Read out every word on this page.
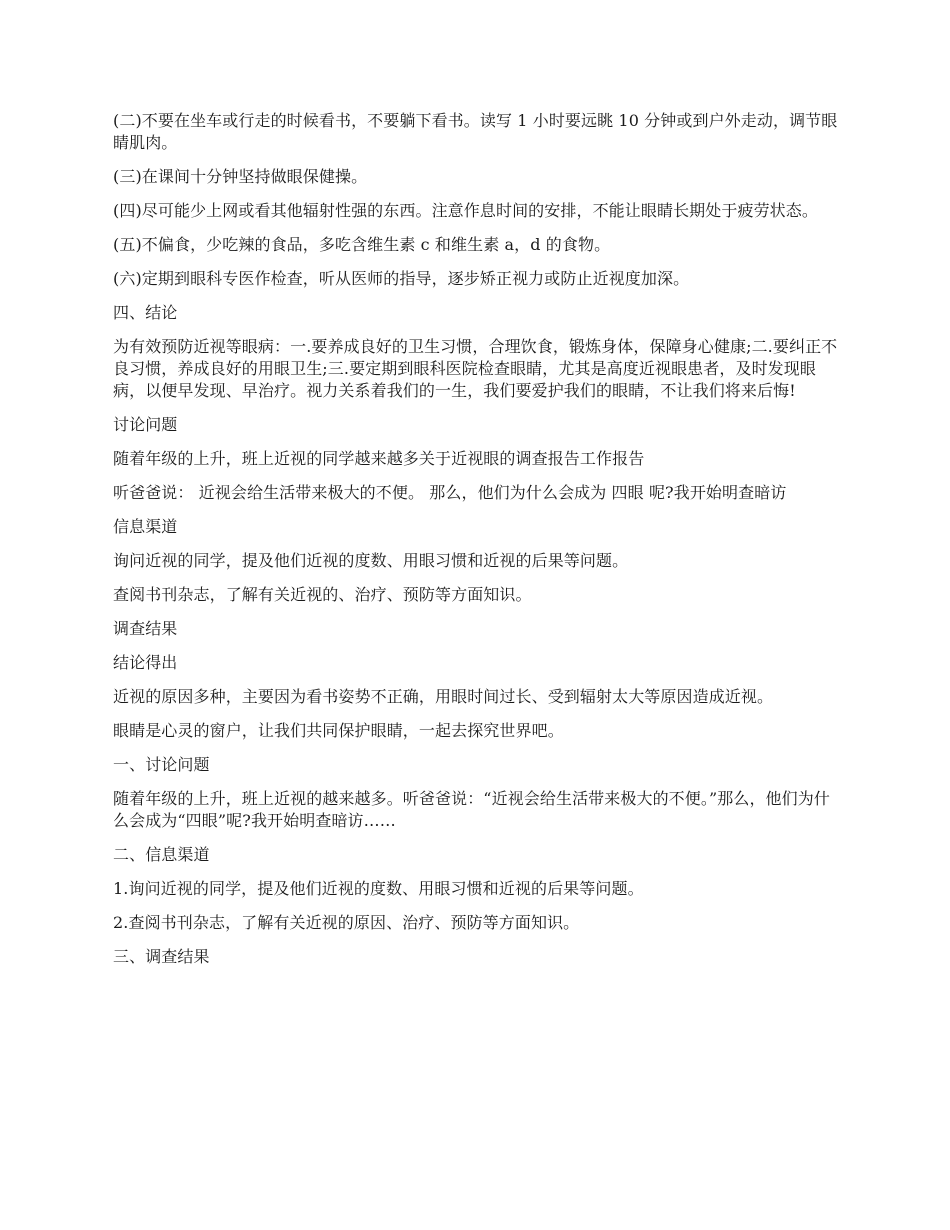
(二)不要在坐车或行走的时候看书，不要躺下看书。读写 1 小时要远眺 10 分钟或到户外走动，调节眼睛肌肉。

(三)在课间十分钟坚持做眼保健操。

(四)尽可能少上网或看其他辐射性强的东西。注意作息时间的安排，不能让眼睛长期处于疲劳状态。

(五)不偏食，少吃辣的食品，多吃含维生素 c 和维生素 a，d 的食物。

(六)定期到眼科专医作检查，听从医师的指导，逐步矫正视力或防止近视度加深。

四、结论

为有效预防近视等眼病：一.要养成良好的卫生习惯，合理饮食，锻炼身体，保障身心健康;二.要纠正不良习惯，养成良好的用眼卫生;三.要定期到眼科医院检查眼睛，尤其是高度近视眼患者，及时发现眼病，以便早发现、早治疗。视力关系着我们的一生，我们要爱护我们的眼睛，不让我们将来后悔!

讨论问题

随着年级的上升，班上近视的同学越来越多关于近视眼的调查报告工作报告

听爸爸说： 近视会给生活带来极大的不便。 那么，他们为什么会成为 四眼 呢?我开始明查暗访

信息渠道

询问近视的同学，提及他们近视的度数、用眼习惯和近视的后果等问题。

查阅书刊杂志，了解有关近视的、治疗、预防等方面知识。

调查结果

结论得出

近视的原因多种，主要因为看书姿势不正确，用眼时间过长、受到辐射太大等原因造成近视。

眼睛是心灵的窗户，让我们共同保护眼睛，一起去探究世界吧。

一、讨论问题

随着年级的上升，班上近视的越来越多。听爸爸说：“近视会给生活带来极大的不便。”那么，他们为什么会成为“四眼”呢?我开始明查暗访……

二、信息渠道

1.询问近视的同学，提及他们近视的度数、用眼习惯和近视的后果等问题。

2.查阅书刊杂志，了解有关近视的原因、治疗、预防等方面知识。

三、调查结果
